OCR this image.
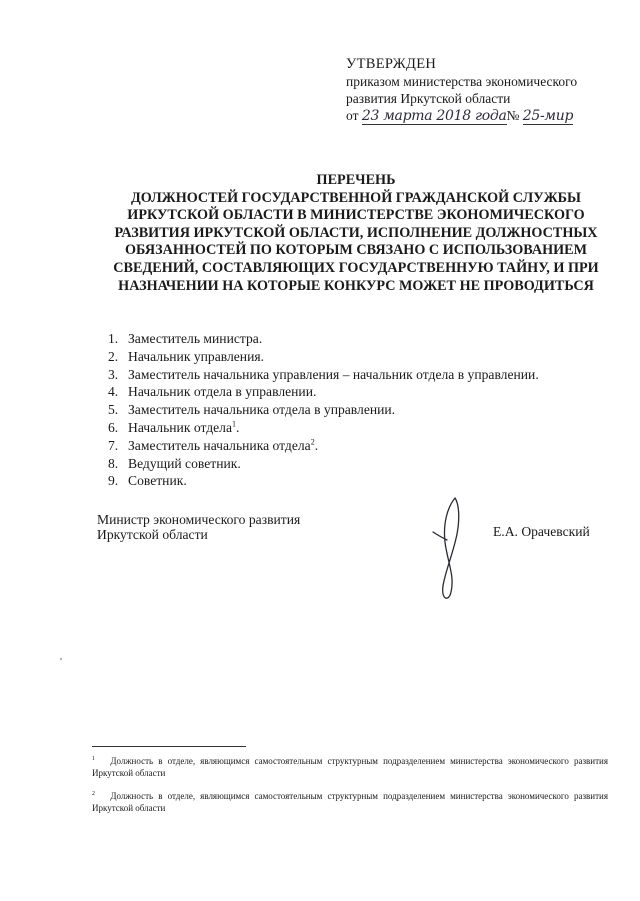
УТВЕРЖДЕН
приказом министерства экономического
развития Иркутской области
от 23 марта 2018 года№ 25-мир
ПЕРЕЧЕНЬ
ДОЛЖНОСТЕЙ ГОСУДАРСТВЕННОЙ ГРАЖДАНСКОЙ СЛУЖБЫ ИРКУТСКОЙ ОБЛАСТИ В МИНИСТЕРСТВЕ ЭКОНОМИЧЕСКОГО РАЗВИТИЯ ИРКУТСКОЙ ОБЛАСТИ, ИСПОЛНЕНИЕ ДОЛЖНОСТНЫХ ОБЯЗАННОСТЕЙ ПО КОТОРЫМ СВЯЗАНО С ИСПОЛЬЗОВАНИЕМ СВЕДЕНИЙ, СОСТАВЛЯЮЩИХ ГОСУДАРСТВЕННУЮ ТАЙНУ, И ПРИ НАЗНАЧЕНИИ НА КОТОРЫЕ КОНКУРС МОЖЕТ НЕ ПРОВОДИТЬСЯ
1. Заместитель министра.
2. Начальник управления.
3. Заместитель начальника управления – начальник отдела в управлении.
4. Начальник отдела в управлении.
5. Заместитель начальника отдела в управлении.
6. Начальник отдела$^1$.
7. Заместитель начальника отдела$^2$.
8. Ведущий советник.
9. Советник.
Министр экономического развития
Иркутской области	Е.А. Орачевский
$^1$ Должность в отделе, являющимся самостоятельным структурным подразделением министерства экономического развития Иркутской области
$^2$ Должность в отделе, являющимся самостоятельным структурным подразделением министерства экономического развития Иркутской области
